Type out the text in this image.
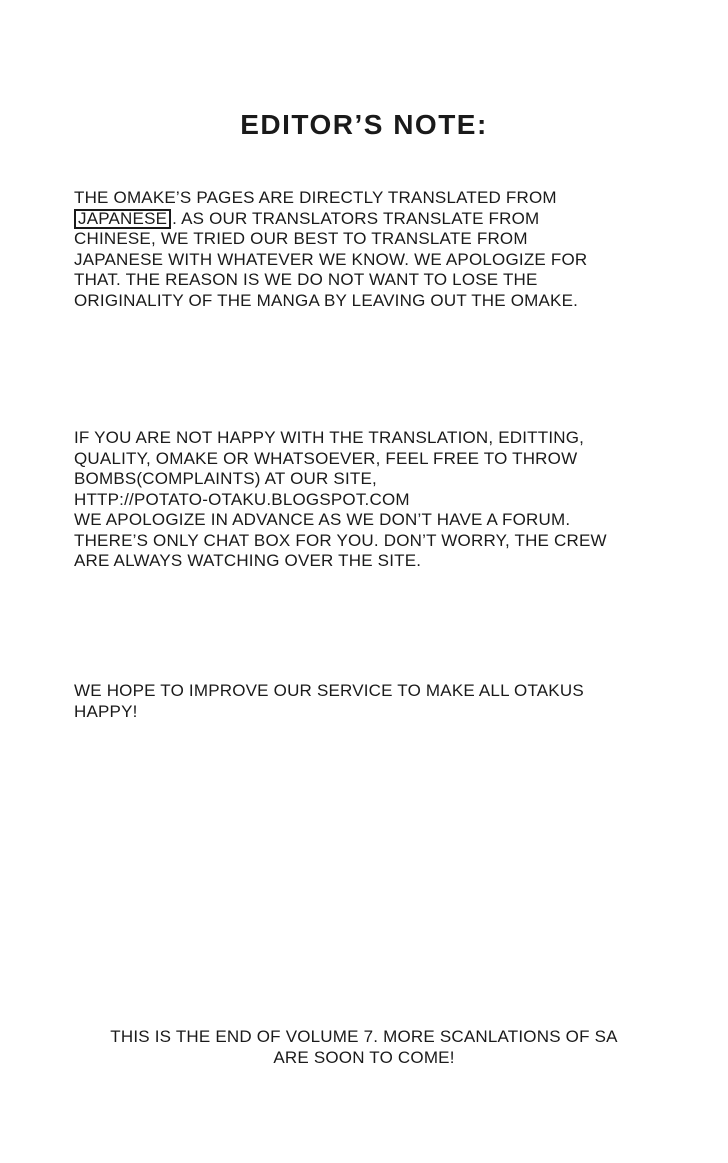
EDITOR’S NOTE:
THE OMAKE’S PAGES ARE DIRECTLY TRANSLATED FROM
JAPANESE . AS OUR TRANSLATORS TRANSLATE FROM
CHINESE, WE TRIED OUR BEST TO TRANSLATE FROM
JAPANESE WITH WHATEVER WE KNOW. WE APOLOGIZE FOR
THAT. THE REASON IS WE DO NOT WANT TO LOSE THE
ORIGINALITY OF THE MANGA BY LEAVING OUT THE OMAKE.
IF YOU ARE NOT HAPPY WITH THE TRANSLATION, EDITTING,
QUALITY, OMAKE OR WHATSOEVER, FEEL FREE TO THROW
BOMBS(COMPLAINTS) AT OUR SITE,
HTTP://POTATO-OTAKU.BLOGSPOT.COM
WE APOLOGIZE IN ADVANCE AS WE DON’T HAVE A FORUM.
THERE’S ONLY CHAT BOX FOR YOU. DON’T WORRY, THE CREW
ARE ALWAYS WATCHING OVER THE SITE.
WE HOPE TO IMPROVE OUR SERVICE TO MAKE ALL OTAKUS
HAPPY!
THIS IS THE END OF VOLUME 7. MORE SCANLATIONS OF SA
ARE SOON TO COME!
